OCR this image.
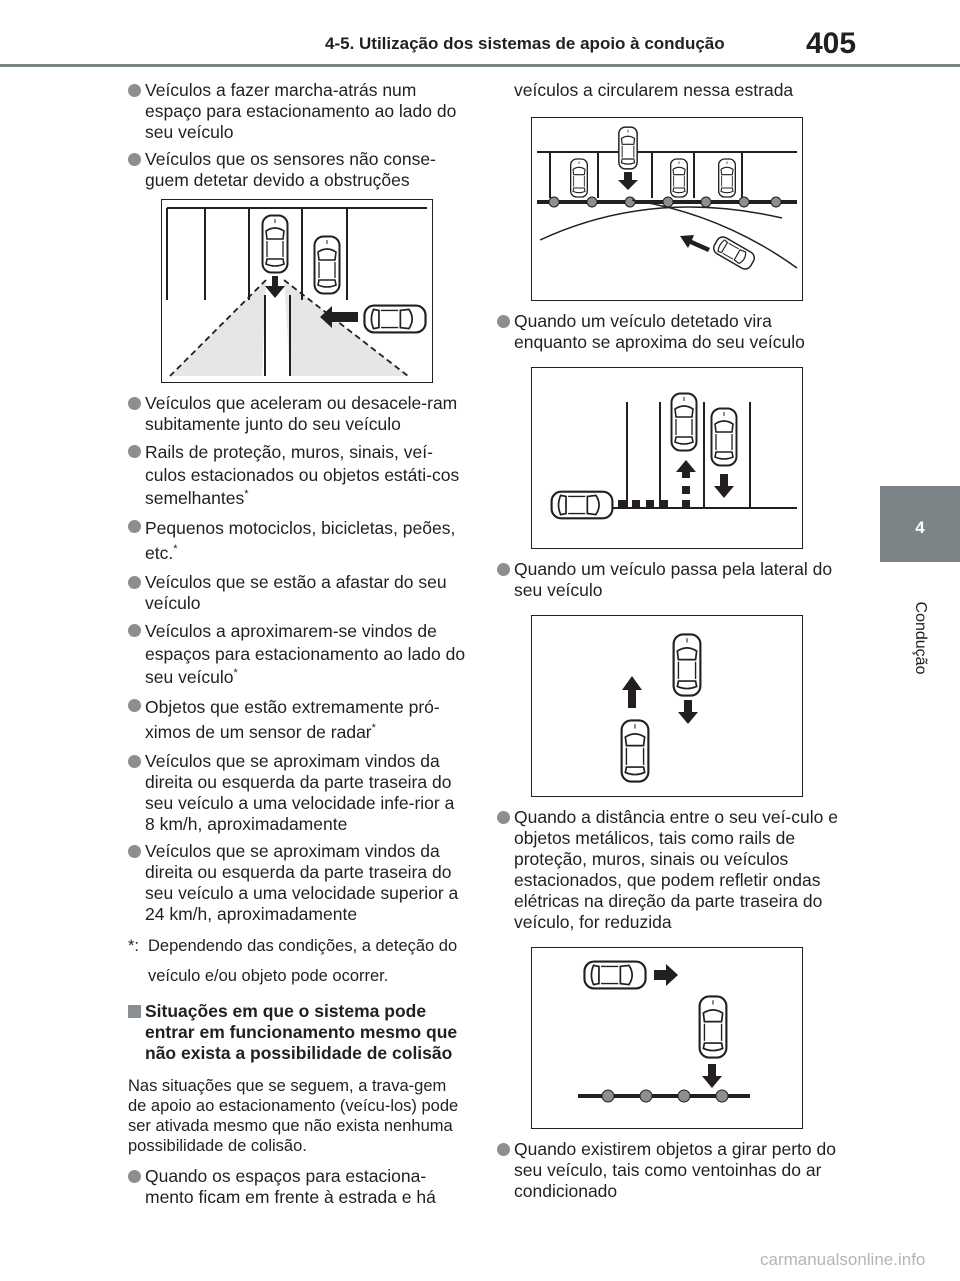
4-5. Utilização dos sistemas de apoio à condução	405
4
Condução
Veículos a fazer marcha-atrás num espaço para estacionamento ao lado do seu veículo
Veículos que os sensores não conse-guem detetar devido a obstruções
Veículos que aceleram ou desacele-ram subitamente junto do seu veículo
Rails de proteção, muros, sinais, veí-culos estacionados ou objetos estáti-cos semelhantes*
Pequenos motociclos, bicicletas, peões, etc.*
Veículos que se estão a afastar do seu veículo
Veículos a aproximarem-se vindos de espaços para estacionamento ao lado do seu veículo*
Objetos que estão extremamente pró-ximos de um sensor de radar*
Veículos que se aproximam vindos da direita ou esquerda da parte traseira do seu veículo a uma velocidade infe-rior a 8 km/h, aproximadamente
Veículos que se aproximam vindos da direita ou esquerda da parte traseira do seu veículo a uma velocidade superior a 24 km/h, aproximadamente
*: Dependendo das condições, a deteção do veículo e/ou objeto pode ocorrer.
Situações em que o sistema pode entrar em funcionamento mesmo que não exista a possibilidade de colisão
Nas situações que se seguem, a trava-gem de apoio ao estacionamento (veícu-los) pode ser ativada mesmo que não exista nenhuma possibilidade de colisão.
Quando os espaços para estaciona-mento ficam em frente à estrada e há
veículos a circularem nessa estrada
Quando um veículo detetado vira enquanto se aproxima do seu veículo
Quando um veículo passa pela lateral do seu veículo
Quando a distância entre o seu veí-culo e objetos metálicos, tais como rails de proteção, muros, sinais ou veículos estacionados, que podem refletir ondas elétricas na direção da parte traseira do veículo, for reduzida
Quando existirem objetos a girar perto do seu veículo, tais como ventoinhas do ar condicionado
carmanualsonline.info
